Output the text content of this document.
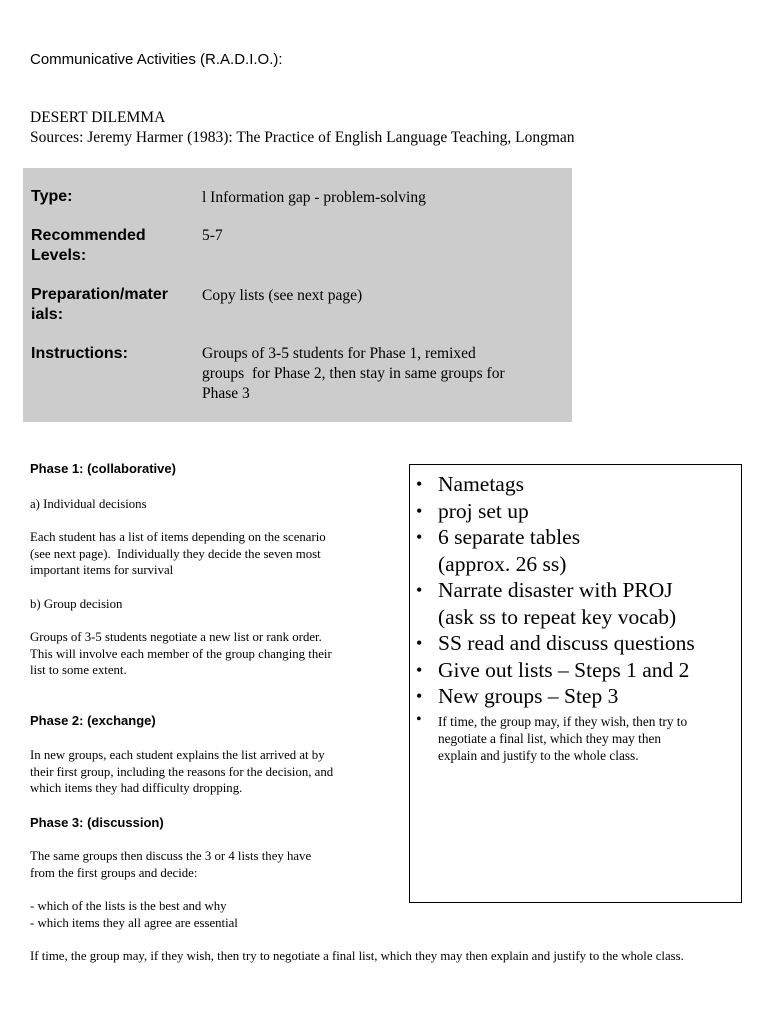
Communicative Activities (R.A.D.I.O.):
DESERT DILEMMA
Sources: Jeremy Harmer (1983): The Practice of English Language Teaching, Longman
Type:	l Information gap - problem-solving
Recommended
Levels:
5-7
Preparation/mater
ials:
Copy lists (see next page)
Instructions:	Groups of 3-5 students for Phase 1, remixed
groups  for Phase 2, then stay in same groups for
Phase 3
Phase 1: (collaborative)
a) Individual decisions
Each student has a list of items depending on the scenario
(see next page).  Individually they decide the seven most
important items for survival
b) Group decision
Groups of 3-5 students negotiate a new list or rank order.
This will involve each member of the group changing their
list to some extent.
Phase 2: (exchange)
In new groups, each student explains the list arrived at by
their first group, including the reasons for the decision, and
which items they had difficulty dropping.
Phase 3: (discussion)
The same groups then discuss the 3 or 4 lists they have
from the first groups and decide:
- which of the lists is the best and why
- which items they all agree are essential
If time, the group may, if they wish, then try to negotiate a final list, which they may then explain and justify to the whole class.
• Nametags
• proj set up
• 6 separate tables
(approx. 26 ss)
• Narrate disaster with PROJ
(ask ss to repeat key vocab)
• SS read and discuss questions
• Give out lists – Steps 1 and 2
• New groups – Step 3
• If time, the group may, if they wish, then try to
negotiate a final list, which they may then
explain and justify to the whole class.
